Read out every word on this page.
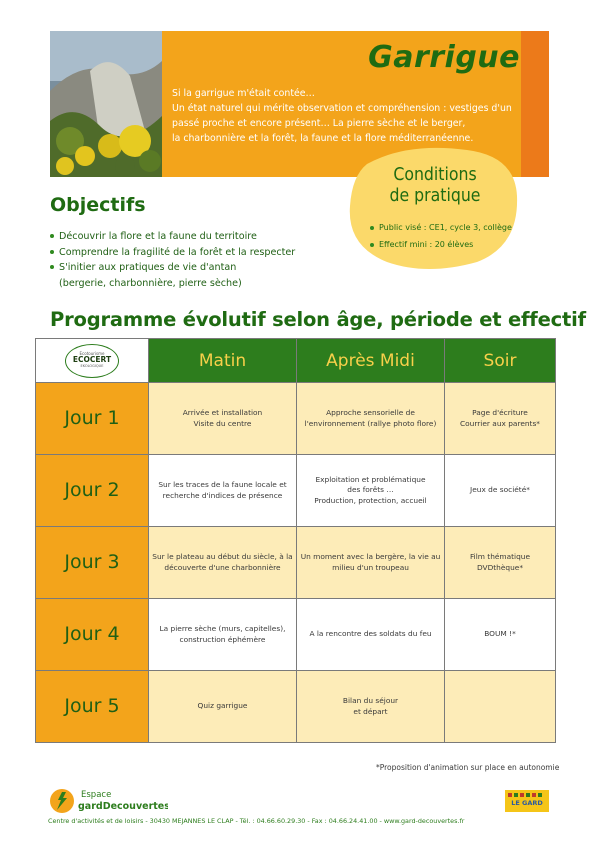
Garrigue
Si la garrigue m'était contée…
Un état naturel qui mérite observation et compréhension : vestiges d'un
passé proche et encore présent… La pierre sèche et le berger,
la charbonnière et la forêt, la faune et la flore méditerranéenne.
Conditions
de pratique
Public visé : CE1, cycle 3, collège
Effectif mini : 20 élèves
Objectifs
Découvrir la flore et la faune du territoire
Comprendre la fragilité de la forêt et la respecter
S'initier aux pratiques de vie d'antan
(bergerie, charbonnière, pierre sèche)
Programme évolutif selon âge, période et effectif
Ecotourisme
ECOCERT
EKOLOGIQUE	Matin	Après Midi	Soir
Jour 1	Arrivée et installation
Visite du centre	Approche sensorielle de
l'environnement (rallye photo flore)	Page d'écriture
Courrier aux parents*

Jour 2	Sur les traces de la faune locale et
recherche d'indices de présence	Exploitation et problématique
des forêts …
Production, protection, accueil	Jeux de société*

Jour 3	Sur le plateau au début du siècle, à la
découverte d'une charbonnière	Un moment avec la bergère, la vie au
milieu d'un troupeau	Film thématique
DVDthèque*

Jour 4	La pierre sèche (murs, capitelles),
construction éphémère	A la rencontre des soldats du feu	BOUM !*

Jour 5	Quiz garrigue	Bilan du séjour
et départ	

*Proposition d'animation sur place en autonomie
Espace
gardDecouvertes
Centre d'activités et de loisirs - 30430 MEJANNES LE CLAP - Tél. : 04.66.60.29.30 - Fax : 04.66.24.41.00 - www.gard-decouvertes.fr
LE GARD
